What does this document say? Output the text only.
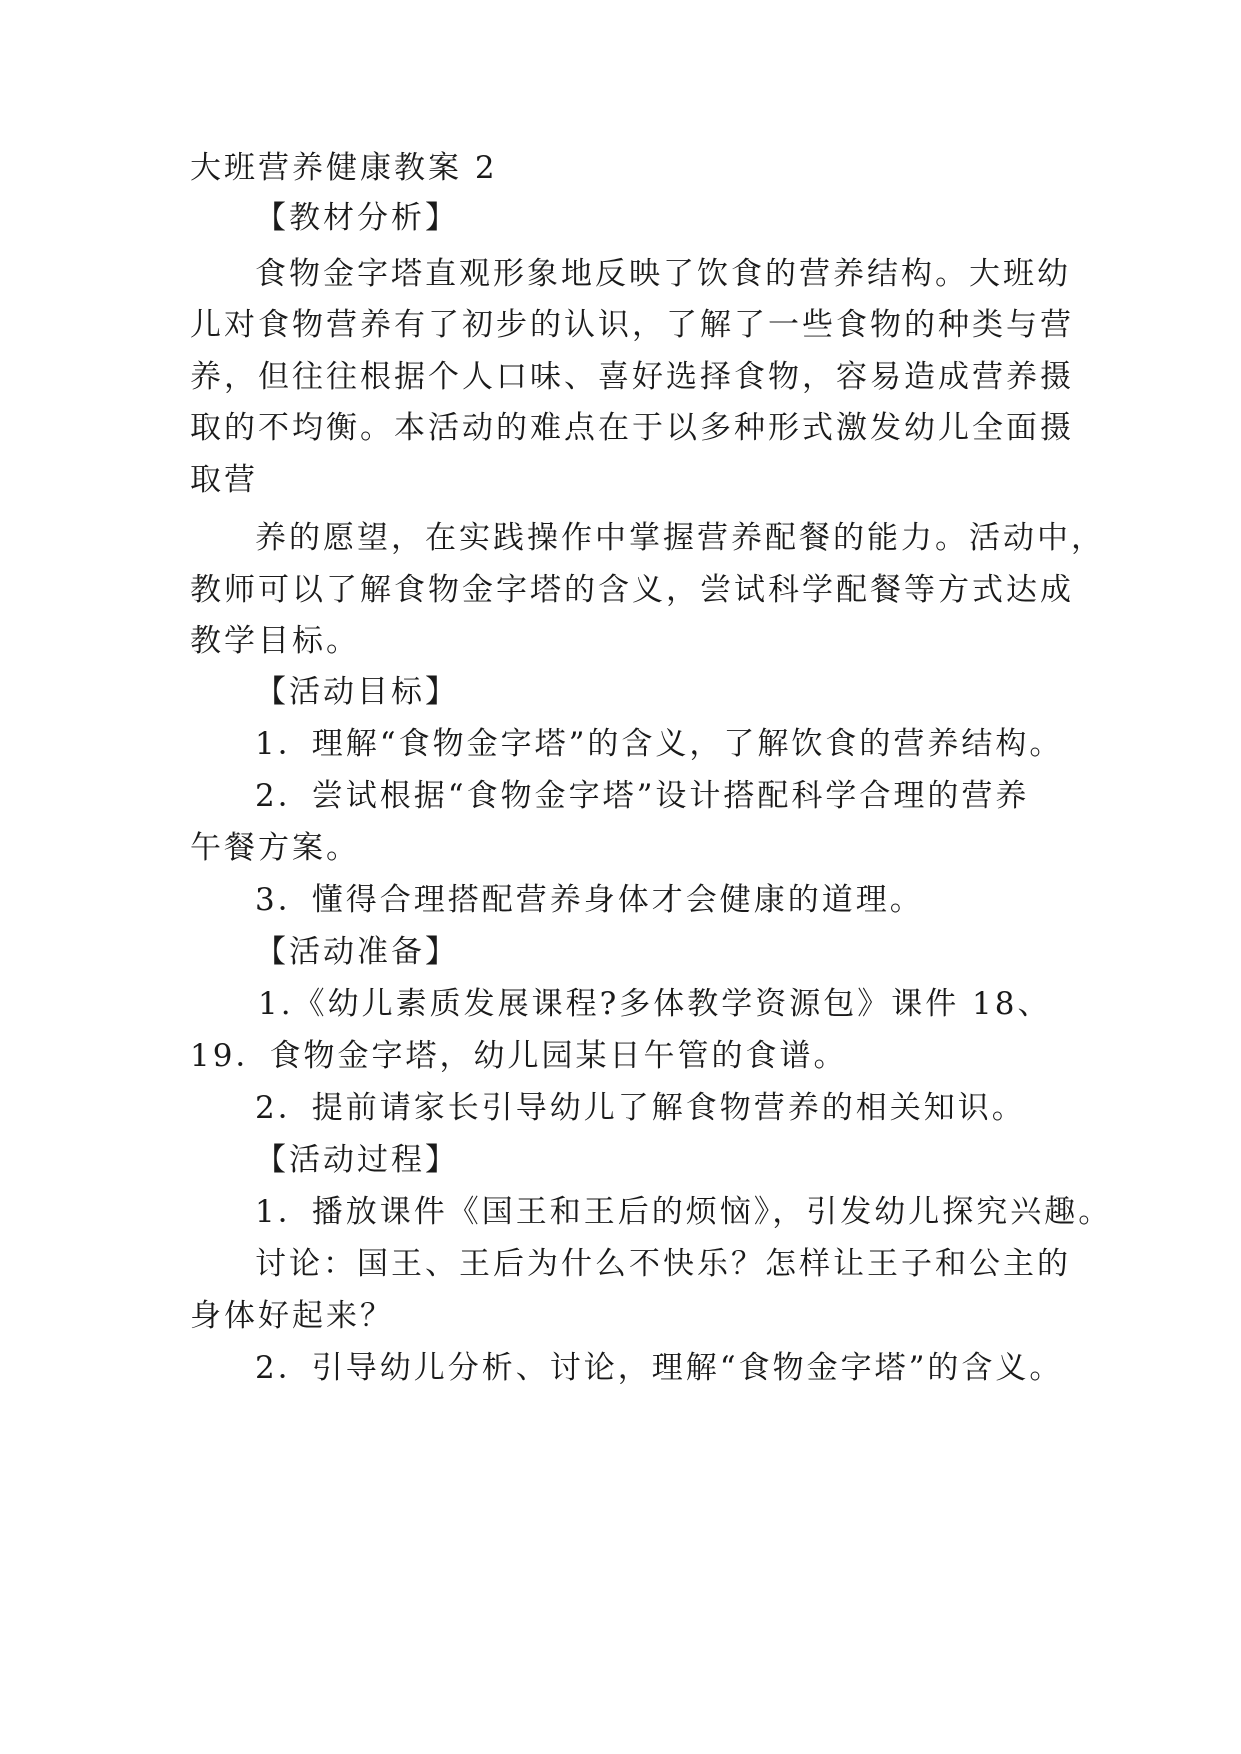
大班营养健康教案 2
【教材分析】
食物金字塔直观形象地反映了饮食的营养结构。大班幼
儿对食物营养有了初步的认识，了解了一些食物的种类与营
养，但往往根据个人口味、喜好选择食物，容易造成营养摄
取的不均衡。本活动的难点在于以多种形式激发幼儿全面摄
取营
养的愿望，在实践操作中掌握营养配餐的能力。活动中，
教师可以了解食物金字塔的含义，尝试科学配餐等方式达成
教学目标。
【活动目标】
1．理解“食物金字塔”的含义，了解饮食的营养结构。
2．尝试根据“食物金字塔”设计搭配科学合理的营养
午餐方案。
3．懂得合理搭配营养身体才会健康的道理。
【活动准备】
1.《幼儿素质发展课程?多体教学资源包》课件 18、
19．食物金字塔，幼儿园某日午管的食谱。
2．提前请家长引导幼儿了解食物营养的相关知识。
【活动过程】
1．播放课件《国王和王后的烦恼》，引发幼儿探究兴趣。
讨论：国王、王后为什么不快乐？怎样让王子和公主的
身体好起来？
2．引导幼儿分析、讨论，理解“食物金字塔”的含义。
